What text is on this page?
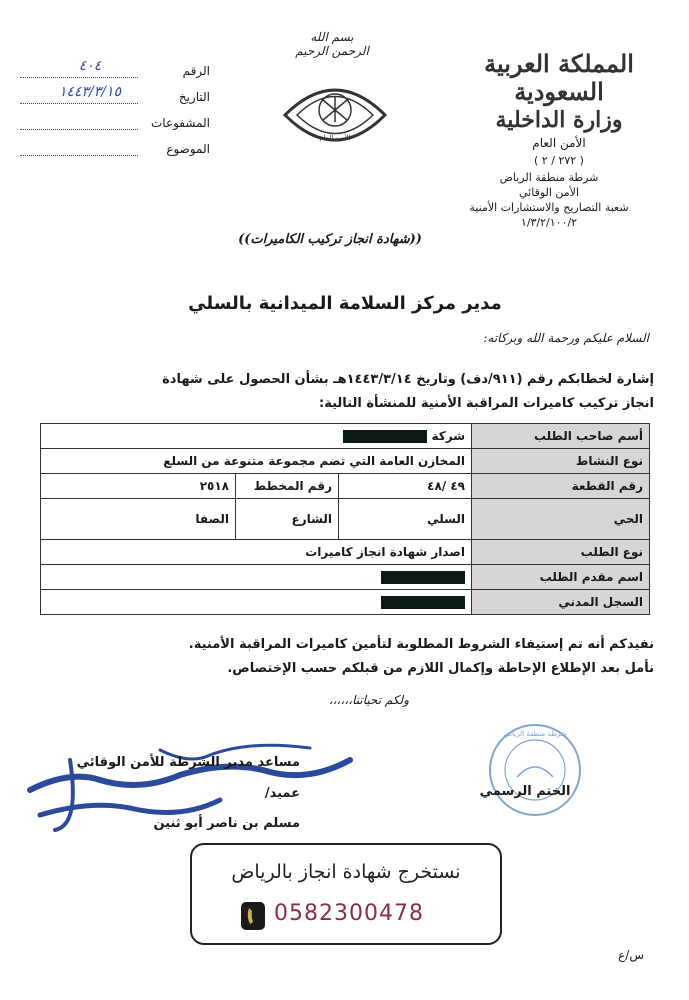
المملكة العربية السعودية
وزارة الداخلية
الأمن العام
( ٢٧٢ / ٢ )
شرطة منطقة الرياض
الأمن الوقائي
شعبة التصاريح والاستشارات الأمنية
١/٣/٢/١٠٠/٢
بسم الله الرحمن الرحيم
الأمن العام
الرقم
٤٠٤
التاريخ
١٤٤٣/٣/١٥
المشفوعات
الموضوع
((شهادة انجاز تركيب الكاميرات))
مدير مركز السلامة الميدانية بالسلي
السلام عليكم ورحمة الله وبركاته:
إشارة لخطابكم رقم (٩١١/دف) وتاريخ ١٤٤٣/٣/١٤هـ بشأن الحصول على شهادة
انجاز تركيب كاميرات المراقبة الأمنية للمنشأة التالية:
أسم صاحب الطلب	شركة		
نوع النشاط	المخازن العامة التي تضم مجموعة متنوعة من السلع		
رقم القطعة	٤٩ /٤٨	رقم المخطط	٢٥١٨
الحي	السلي	الشارع	الصفا
نوع الطلب	اصدار شهادة انجاز كاميرات		
اسم مقدم الطلب			
السجل المدني			
نفيدكم أنه تم إستيفاء الشروط المطلوبة لتأمين كاميرات المراقبة الأمنية.
نأمل بعد الإطلاع الإحاطة وإكمال اللازم من قبلكم حسب الإختصاص.
ولكم تحياتنا،،،،،،
مساعد مدير الشرطة للأمن الوقائي
عميد/
مسلم بن ناصر أبو ثنين
شرطة منطقة الرياض
الختم الرسمي
نستخرج شهادة انجاز بالرياض
0582300478
س/ع
